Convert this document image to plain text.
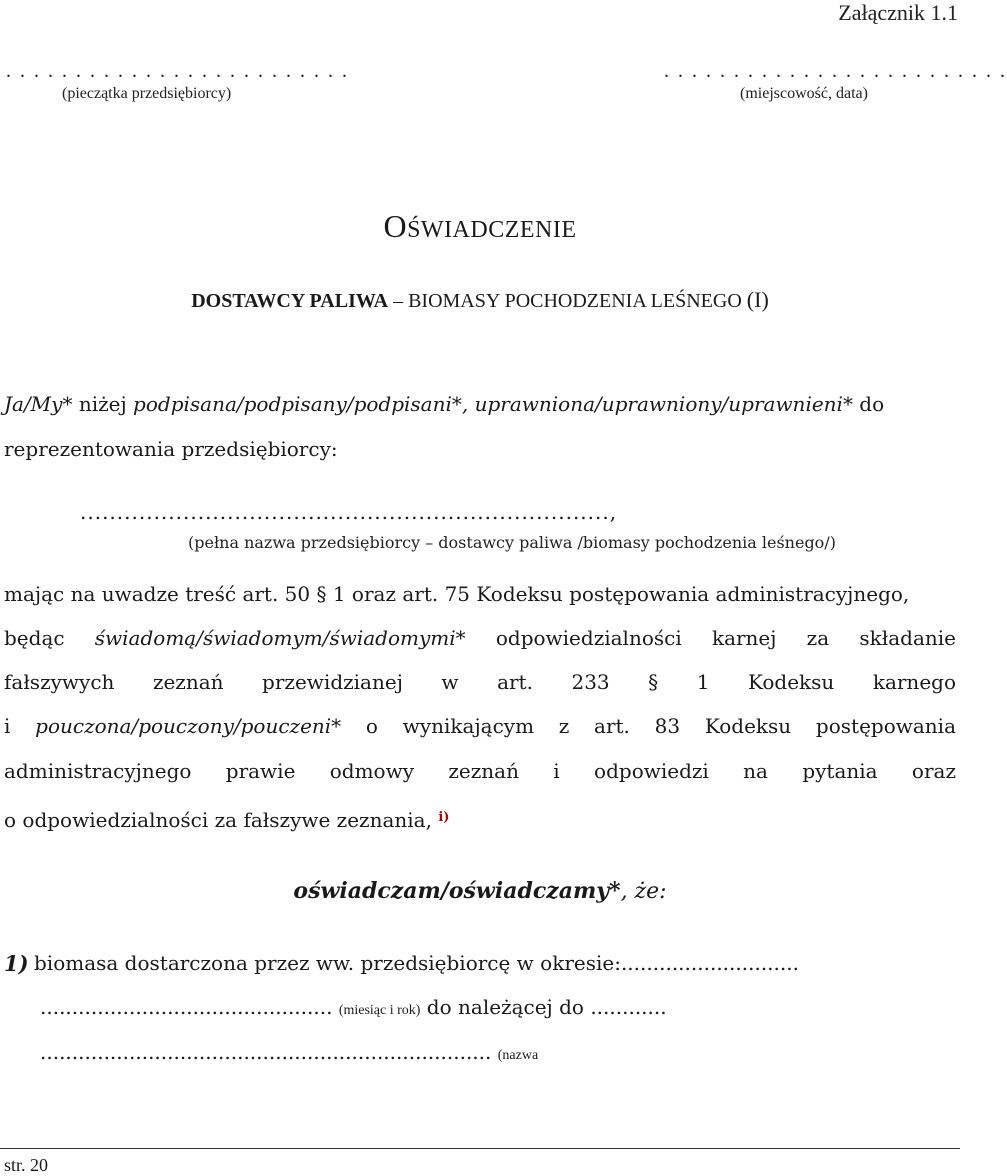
Załącznik 1.1
. . . . . . . . . . . . . . . . . . . . . . . . .	. . . . . . . . . . . . . . . . . . . . . . . . .
(pieczątka przedsiębiorcy)	(miejscowość, data)
OŚWIADCZENIE
DOSTAWCY PALIWA – BIOMASY POCHODZENIA LEŚNEGO (I)
Ja/My* niżej podpisana/podpisany/podpisani*, uprawniona/uprawniony/uprawnieni* do
reprezentowania przedsiębiorcy:
........................................................................,
(pełna nazwa przedsiębiorcy – dostawcy paliwa /biomasy pochodzenia leśnego/)
mając na uwadze treść art. 50 § 1 oraz art. 75 Kodeksu postępowania administracyjnego,
będąc świadomą/świadomym/świadomymi* odpowiedzialności karnej za składanie
fałszywych zeznań przewidzianej w art. 233 § 1 Kodeksu karnego
i pouczona/pouczony/pouczeni* o wynikającym z art. 83 Kodeksu postępowania
administracyjnego prawie odmowy zeznań i odpowiedzi na pytania oraz
o odpowiedzialności za fałszywe zeznania, $^{i)}$
oświadczam/oświadczamy*, że:
1) biomasa dostarczona przez ww. przedsiębiorcę w okresie:............................
.............................................. (miesiąc i rok) do należącej do ............
....................................................................... (nazwa
str. 20
